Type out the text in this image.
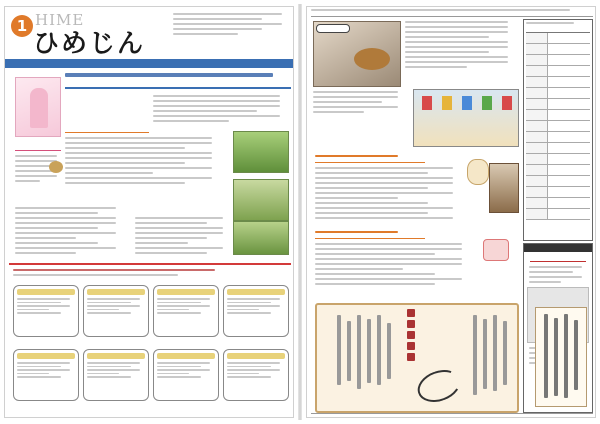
1 HIME
ひめじん
